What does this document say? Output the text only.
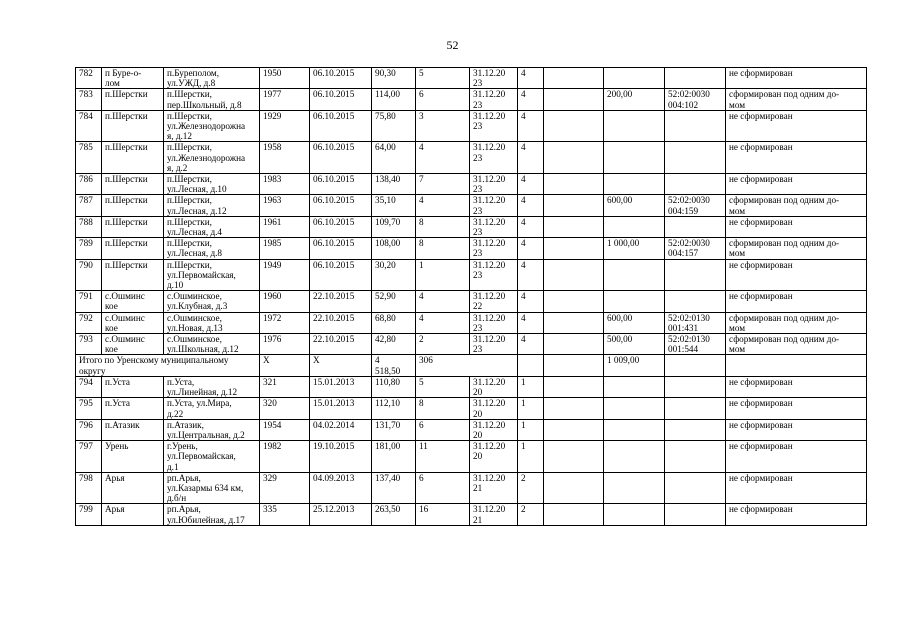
52
782	п Буре-о-
лом	п.Буреполом,
ул.УЖД, д.8	1950	06.10.2015	90,30	5	31.12.20
23	4				не сформирован

783	п.Шерстки	п.Шерстки,
пер.Школьный, д.8	1977	06.10.2015	114,00	6	31.12.20
23	4		200,00	52:02:0030
004:102	сформирован под одним до-
мом

784	п.Шерстки	п.Шерстки,
ул.Железнодорожна
я, д.12	1929	06.10.2015	75,80	3	31.12.20
23	4				не сформирован

785	п.Шерстки	п.Шерстки,
ул.Железнодорожна
я, д.2	1958	06.10.2015	64,00	4	31.12.20
23	4				не сформирован

786	п.Шерстки	п.Шерстки,
ул.Лесная, д.10	1983	06.10.2015	138,40	7	31.12.20
23	4				не сформирован

787	п.Шерстки	п.Шерстки,
ул.Лесная, д.12	1963	06.10.2015	35,10	4	31.12.20
23	4		600,00	52:02:0030
004:159	сформирован под одним до-
мом

788	п.Шерстки	п.Шерстки,
ул.Лесная, д.4	1961	06.10.2015	109,70	8	31.12.20
23	4				не сформирован

789	п.Шерстки	п.Шерстки,
ул.Лесная, д.8	1985	06.10.2015	108,00	8	31.12.20
23	4		1 000,00	52:02:0030
004:157	сформирован под одним до-
мом

790	п.Шерстки	п.Шерстки,
ул.Первомайская,
д.10	1949	06.10.2015	30,20	1	31.12.20
23	4				не сформирован

791	с.Ошминс
кое	с.Ошминское,
ул.Клубная, д.3	1960	22.10.2015	52,90	4	31.12.20
22	4				не сформирован

792	с.Ошминс
кое	с.Ошминское,
ул.Новая, д.13	1972	22.10.2015	68,80	4	31.12.20
23	4		600,00	52:02:0130
001:431	сформирован под одним до-
мом

793	с.Ошминс
кое	с.Ошминское,
ул.Школьная, д.12	1976	22.10.2015	42,80	2	31.12.20
23	4		500,00	52:02:0130
001:544	сформирован под одним до-
мом

Итого по Уренскому муниципальному
округу			X	X	4
518,50	306				1 009,00		
794	п.Уста	п.Уста,
ул.Линейная, д.12	321	15.01.2013	110,80	5	31.12.20
20	1				не сформирован

795	п.Уста	п.Уста, ул.Мира,
д.22	320	15.01.2013	112,10	8	31.12.20
20	1				не сформирован

796	п.Атазик	п.Атазик,
ул.Центральная, д.2	1954	04.02.2014	131,70	6	31.12.20
20	1				не сформирован

797	Урень	г.Урень,
ул.Первомайская,
д.1	1982	19.10.2015	181,00	11	31.12.20
20	1				не сформирован

798	Арья	рп.Арья,
ул.Казармы 634 км,
д.б/н	329	04.09.2013	137,40	6	31.12.20
21	2				не сформирован

799	Арья	рп.Арья,
ул.Юбилейная, д.17	335	25.12.2013	263,50	16	31.12.20
21	2				не сформирован
